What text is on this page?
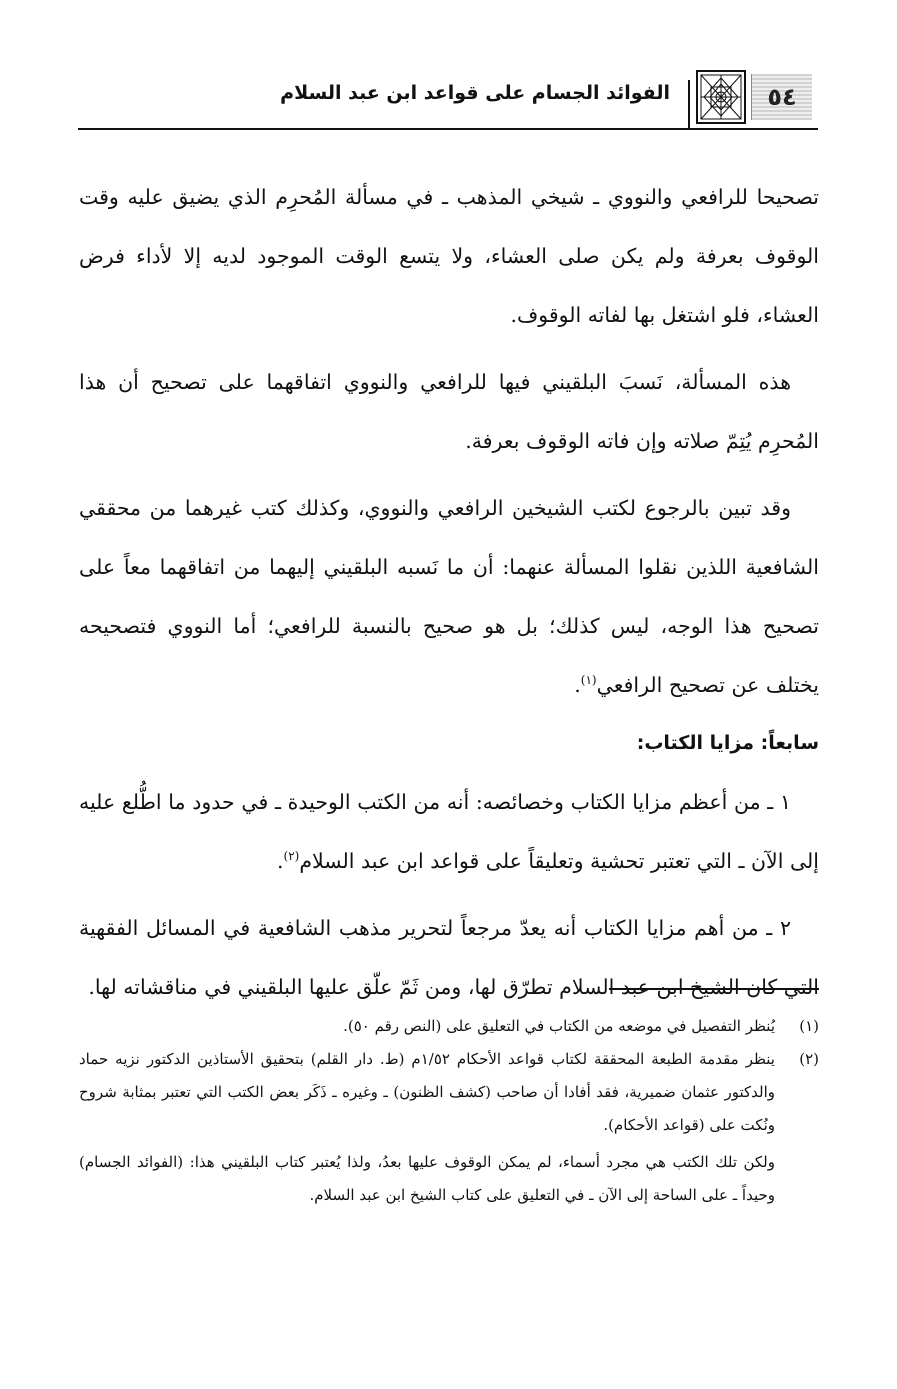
٥٤
الفوائد الجسام على قواعد ابن عبد السلام

تصحيحا للرافعي والنووي ـ شيخي المذهب ـ في مسألة المُحرِم الذي يضيق عليه وقت الوقوف بعرفة ولم يكن صلى العشاء، ولا يتسع الوقت الموجود لديه إلا لأداء فرض العشاء، فلو اشتغل بها لفاته الوقوف.

هذه المسألة، نَسبَ البلقيني فيها للرافعي والنووي اتفاقهما على تصحيح أن هذا المُحرِم يُتِمّ صلاته وإن فاته الوقوف بعرفة.

وقد تبين بالرجوع لكتب الشيخين الرافعي والنووي، وكذلك كتب غيرهما من محققي الشافعية اللذين نقلوا المسألة عنهما: أن ما نَسبه البلقيني إليهما من اتفاقهما معاً على تصحيح هذا الوجه، ليس كذلك؛ بل هو صحيح بالنسبة للرافعي؛ أما النووي فتصحيحه يختلف عن تصحيح الرافعي$^{(١)}$.

سابعاً: مزايا الكتاب:

١ ـ من أعظم مزايا الكتاب وخصائصه: أنه من الكتب الوحيدة ـ في حدود ما اطُّلع عليه إلى الآن ـ التي تعتبر تحشية وتعليقاً على قواعد ابن عبد السلام$^{(٢)}$.

٢ ـ من أهم مزايا الكتاب أنه يعدّ مرجعاً لتحرير مذهب الشافعية في المسائل الفقهية التي كان الشيخ ابن عبد السلام تطرّق لها، ومن ثَمّ علّق عليها البلقيني في مناقشاته لها.

(١)

يُنظر التفصيل في موضعه من الكتاب في التعليق على (النص رقم ٥٠).

(٢)

ينظر مقدمة الطبعة المحققة لكتاب قواعد الأحكام ١/٥٢م (ط. دار القلم) بتحقيق الأستاذين الدكتور نزيه حماد والدكتور عثمان ضميرية، فقد أفادا أن صاحب (كشف الظنون) ـ وغيره ـ ذَكَر بعض الكتب التي تعتبر بمثابة شروح ونُكت على (قواعد الأحكام).

ولكن تلك الكتب هي مجرد أسماء، لم يمكن الوقوف عليها بعدُ، ولذا يُعتبر كتاب البلقيني هذا: (الفوائد الجسام) وحيداً ـ على الساحة إلى الآن ـ في التعليق على كتاب الشيخ ابن عبد السلام.
